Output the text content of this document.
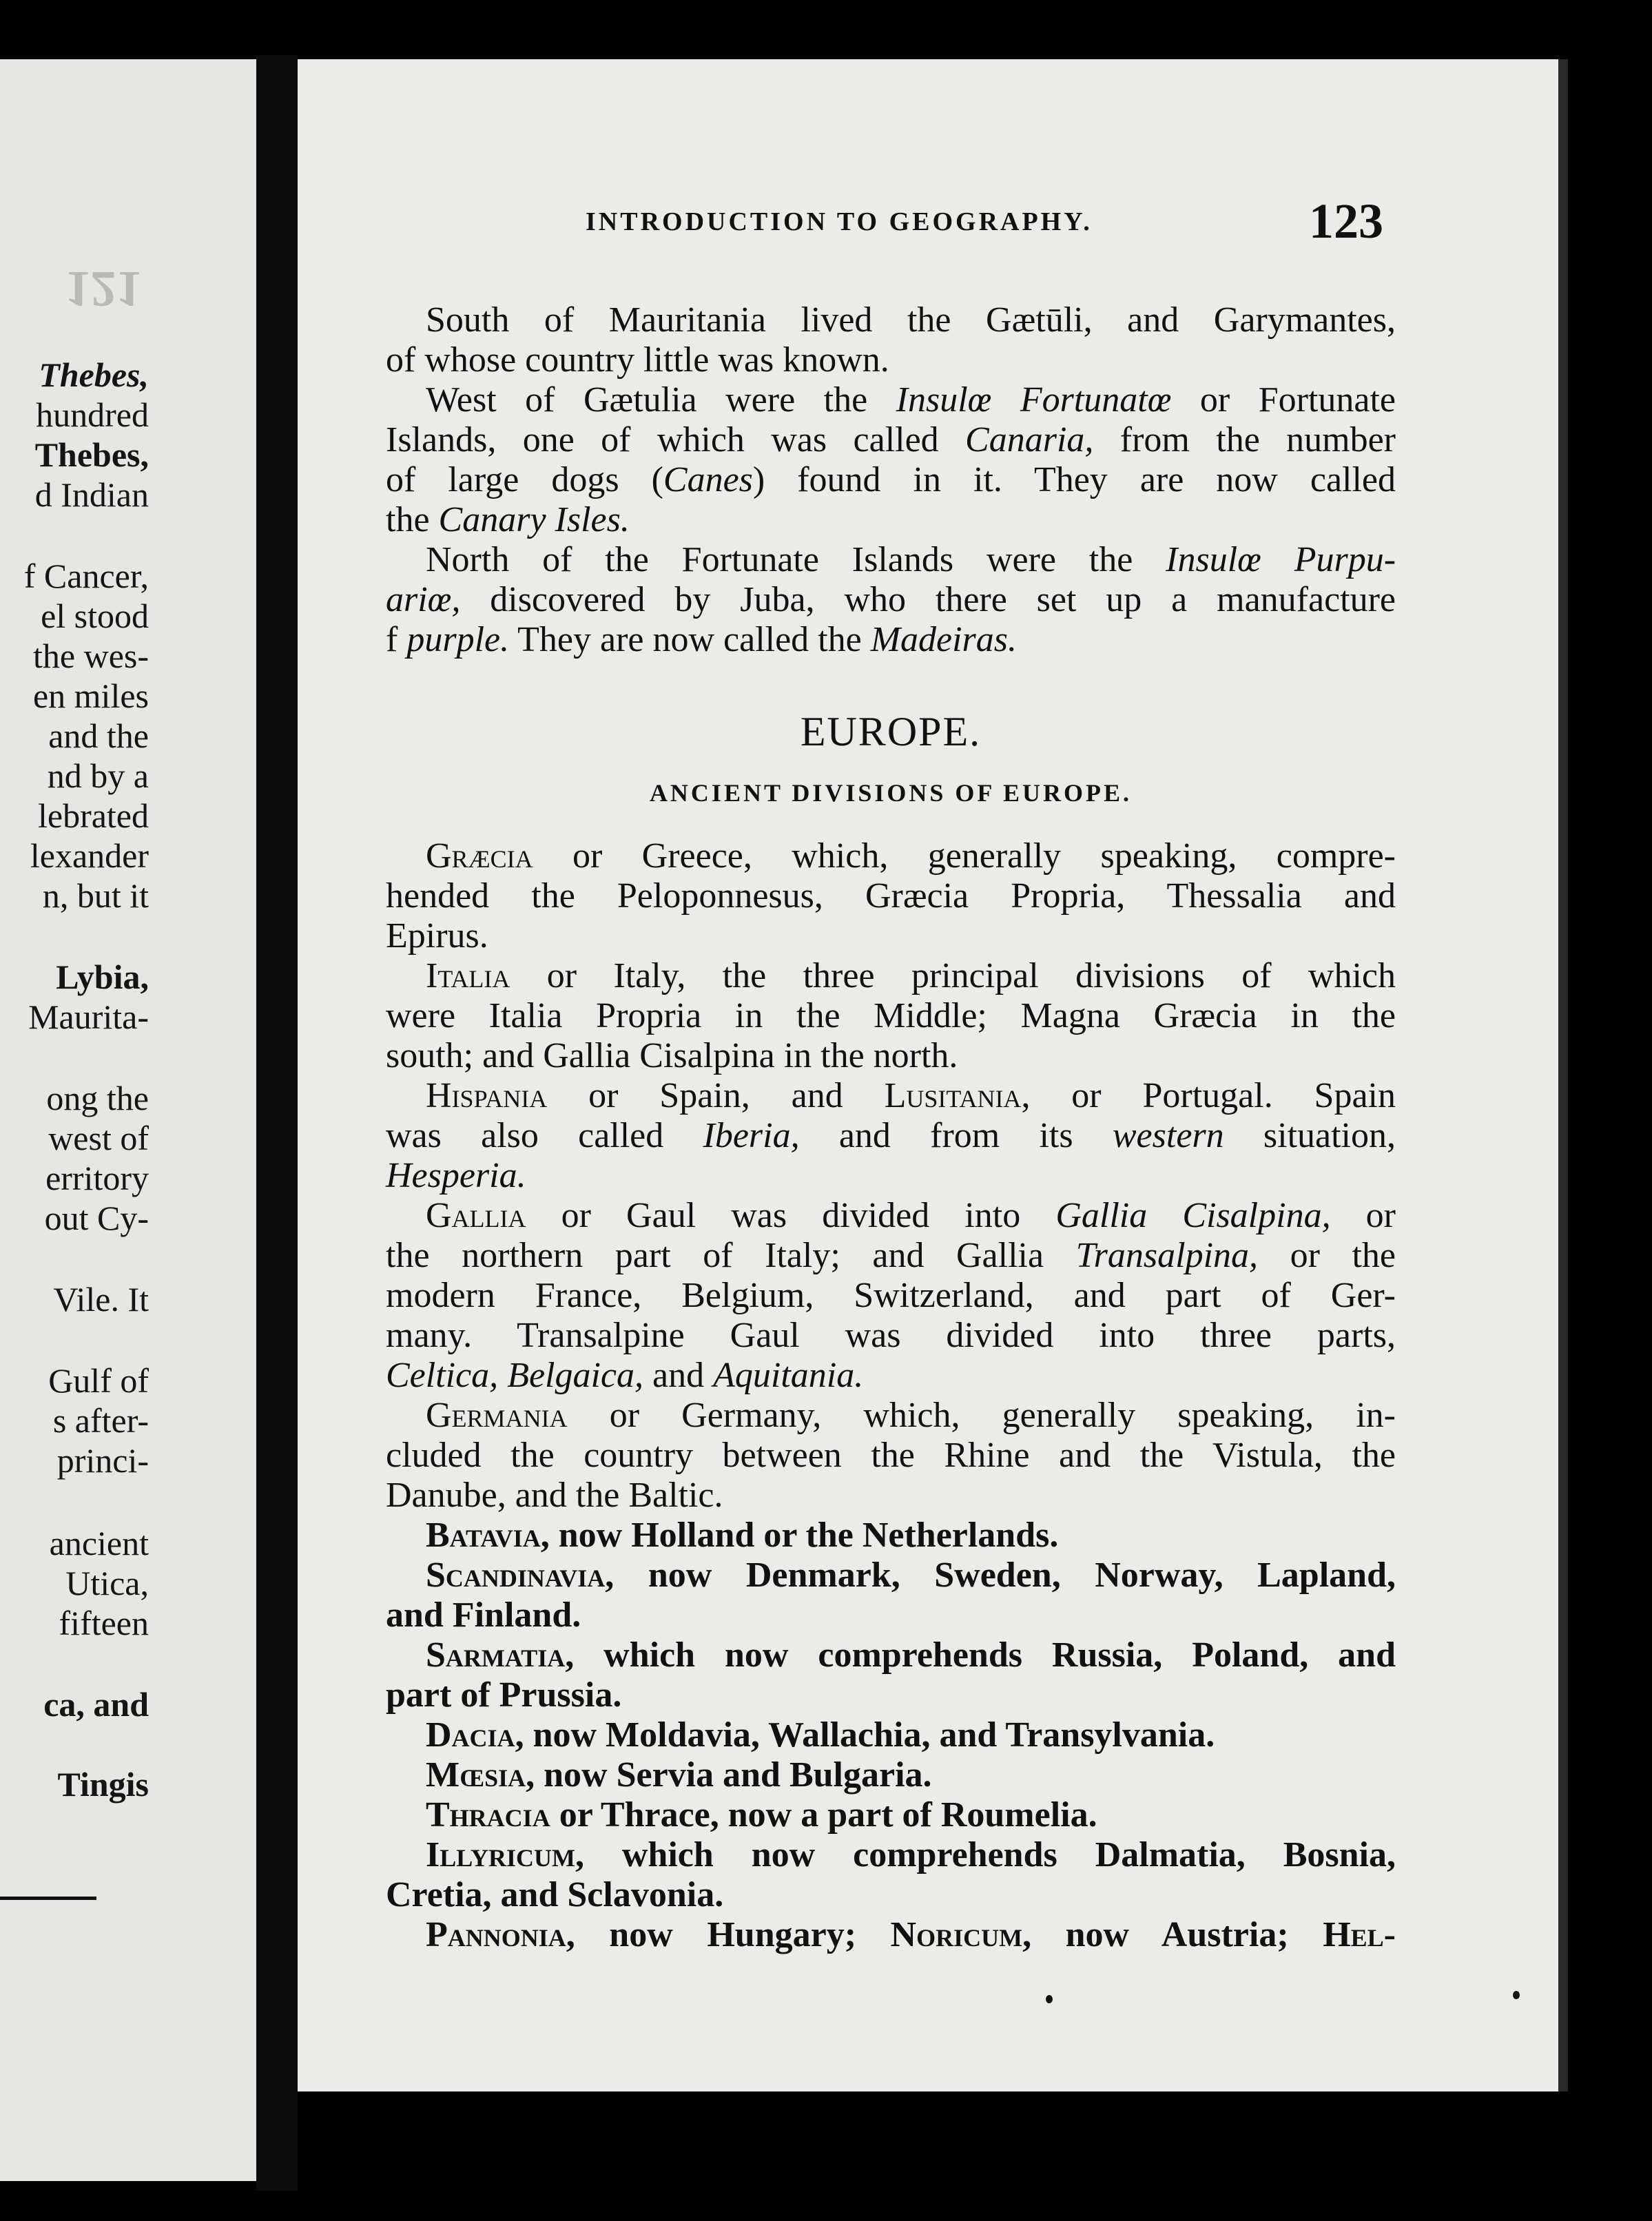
121
Thebes,
hundred
Thebes,
d Indian
f Cancer,
el stood
the wes-
en miles
and the
nd by a
lebrated
lexander
n, but it
Lybia,
Maurita-
ong the
west of
erritory
out Cy-
Vile. It
Gulf of
s after-
princi-
ancient
Utica,
fifteen
ca, and
Tingis
INTRODUCTION TO GEOGRAPHY.	123
South of Mauritania lived the Gætūli, and Garymantes,
of whose country little was known.
West of Gætulia were the Insulœ Fortunatœ or Fortunate
Islands, one of which was called Canaria, from the number
of large dogs (Canes) found in it. They are now called
the Canary Isles.
North of the Fortunate Islands were the Insulœ Purpu-
ariœ, discovered by Juba, who there set up a manufacture
f purple. They are now called the Madeiras.
EUROPE.
ANCIENT DIVISIONS OF EUROPE.
Græcia or Greece, which, generally speaking, compre-
hended the Peloponnesus, Græcia Propria, Thessalia and
Epirus.
Italia or Italy, the three principal divisions of which
were Italia Propria in the Middle; Magna Græcia in the
south; and Gallia Cisalpina in the north.
Hispania or Spain, and Lusitania, or Portugal. Spain
was also called Iberia, and from its western situation,
Hesperia.
Gallia or Gaul was divided into Gallia Cisalpina, or
the northern part of Italy; and Gallia Transalpina, or the
modern France, Belgium, Switzerland, and part of Ger-
many. Transalpine Gaul was divided into three parts,
Celtica, Belgaica, and Aquitania.
Germania or Germany, which, generally speaking, in-
cluded the country between the Rhine and the Vistula, the
Danube, and the Baltic.
Batavia, now Holland or the Netherlands.
Scandinavia, now Denmark, Sweden, Norway, Lapland,
and Finland.
Sarmatia, which now comprehends Russia, Poland, and
part of Prussia.
Dacia, now Moldavia, Wallachia, and Transylvania.
Mœsia, now Servia and Bulgaria.
Thracia or Thrace, now a part of Roumelia.
Illyricum, which now comprehends Dalmatia, Bosnia,
Cretia, and Sclavonia.
Pannonia, now Hungary; Noricum, now Austria; Hel-
